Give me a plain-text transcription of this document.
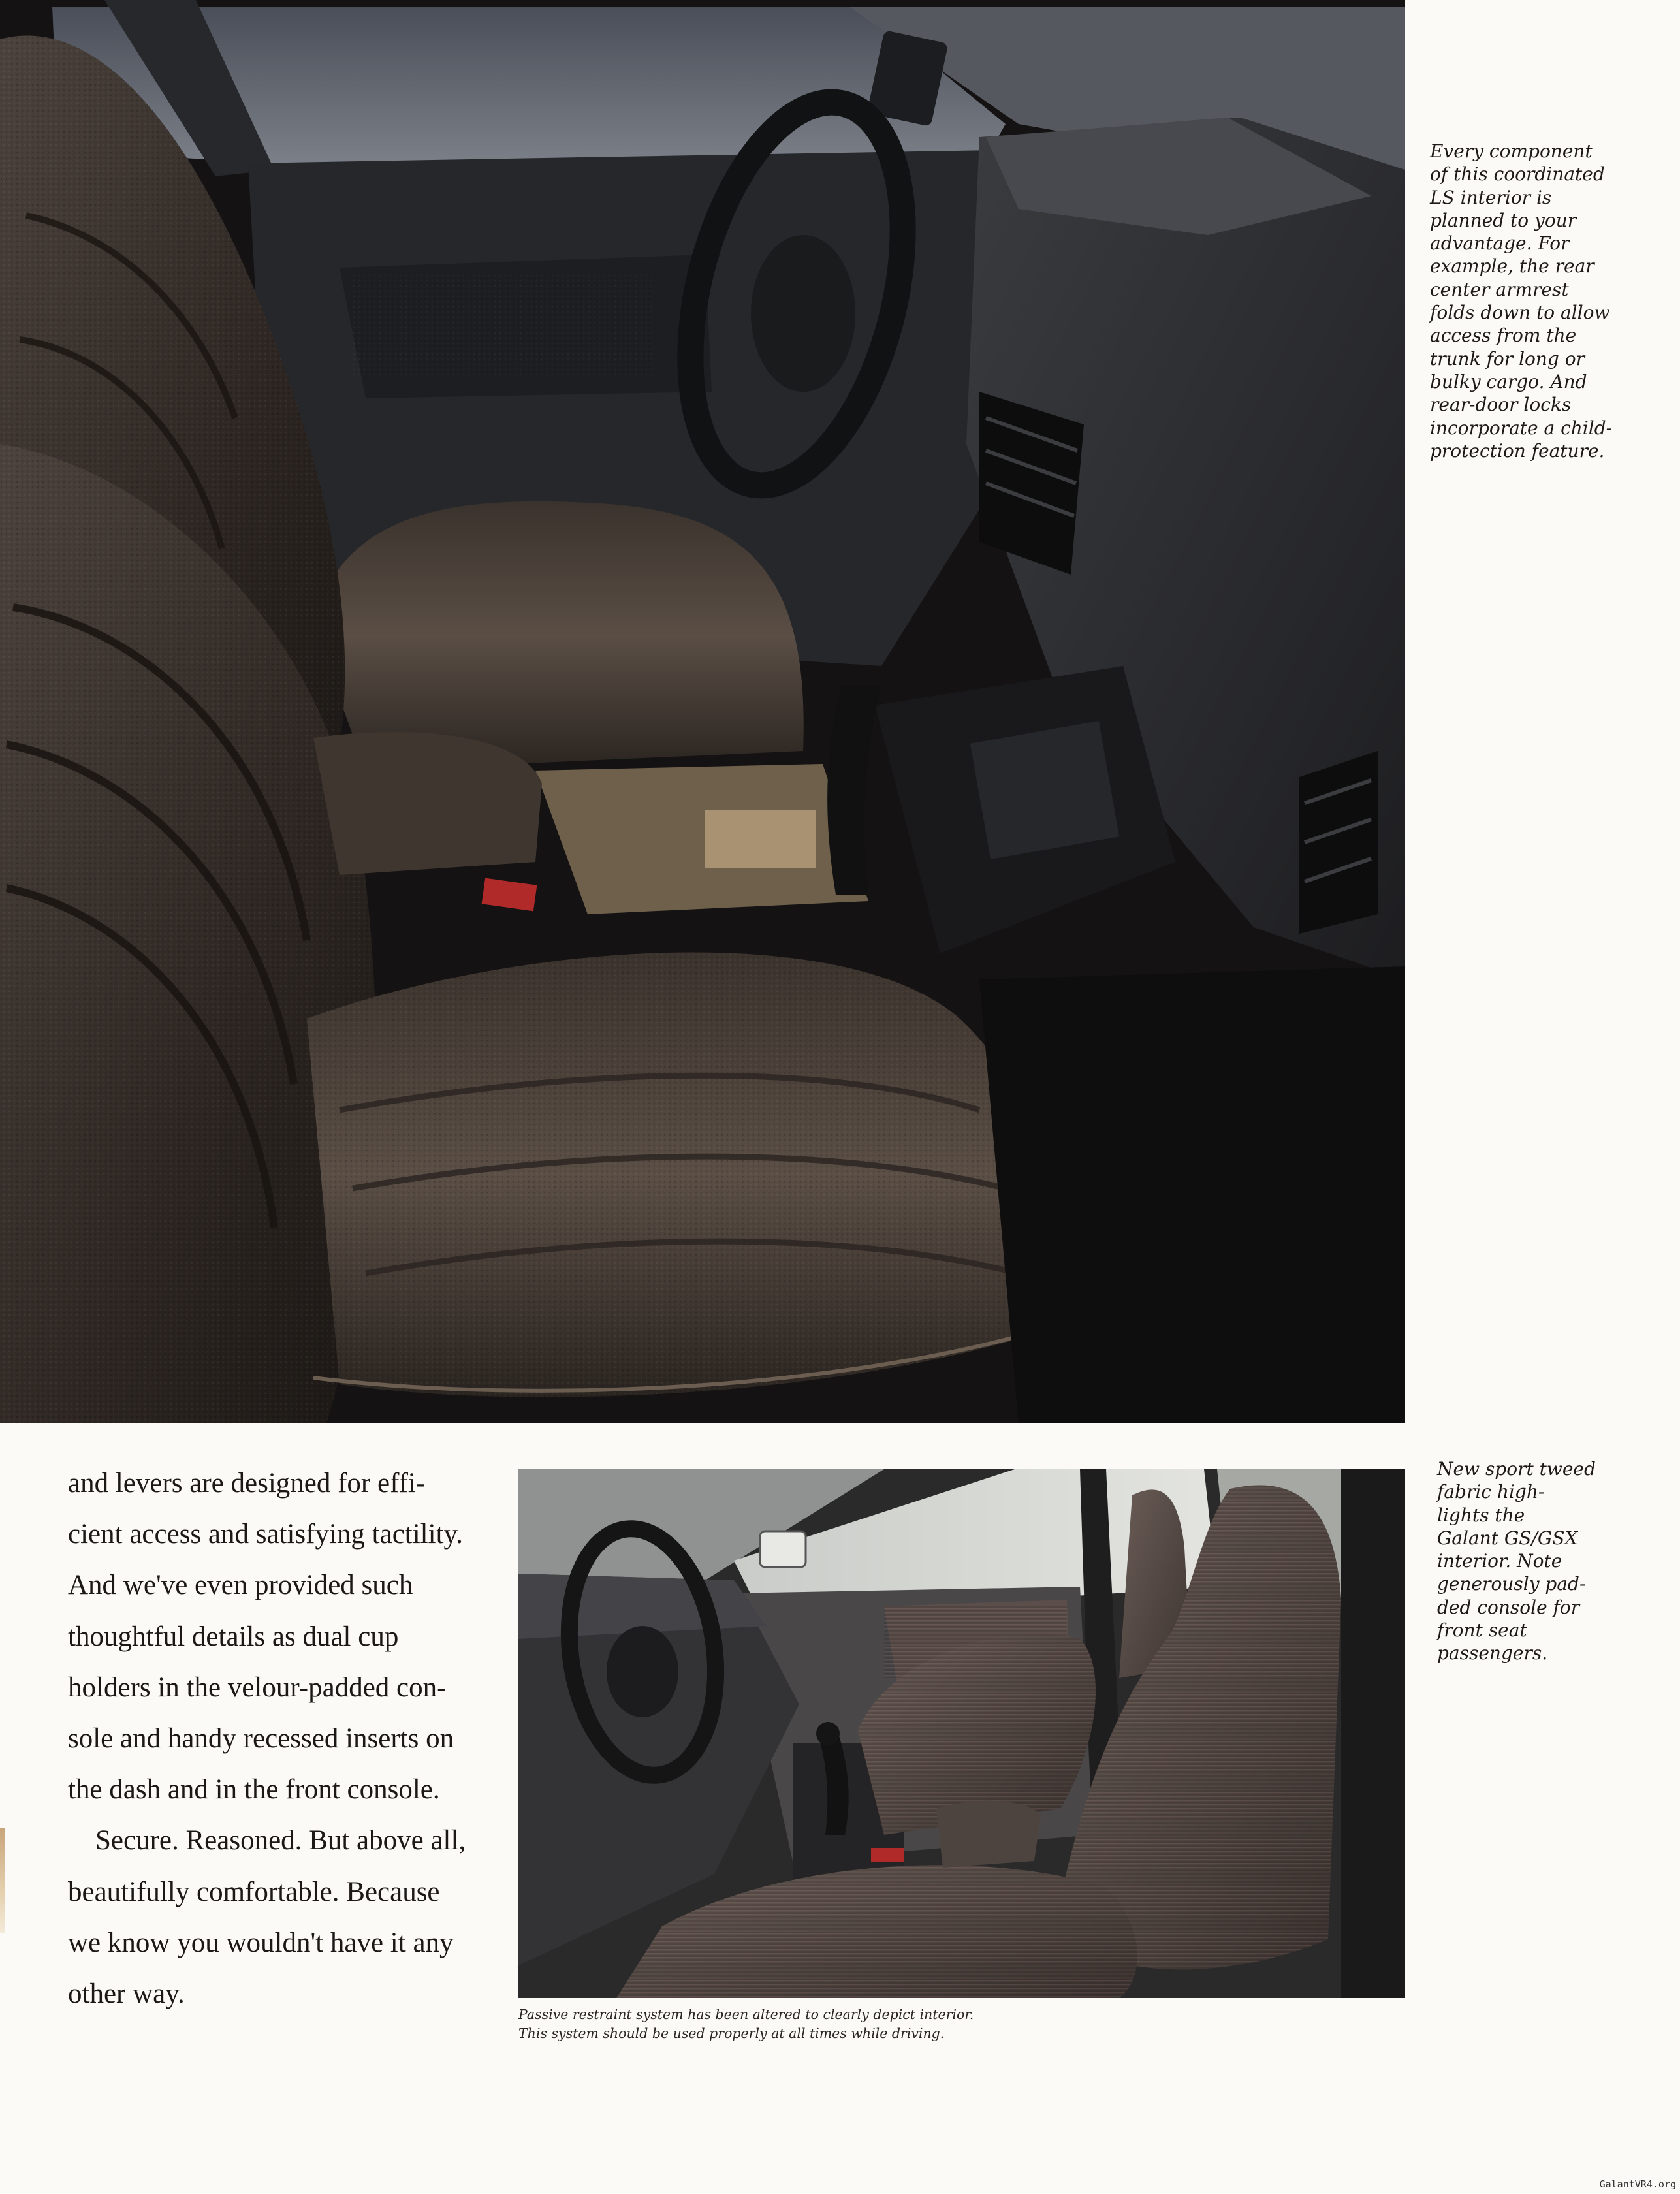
Every component
of this coordinated
LS interior is
planned to your
advantage. For
example, the rear
center armrest
folds down to allow
access from the
trunk for long or
bulky cargo. And
rear-door locks
incorporate a child-
protection feature.

and levers are designed for effi-
cient access and satisfying tactility.
And we've even provided such
thoughtful details as dual cup
holders in the velour-padded con-
sole and handy recessed inserts on
the dash and in the front console.
Secure. Reasoned. But above all,
beautifully comfortable. Because
we know you wouldn't have it any
other way.

New sport tweed
fabric high-
lights the
Galant GS/GSX
interior. Note
generously pad-
ded console for
front seat
passengers.

Passive restraint system has been altered to clearly depict interior.
This system should be used properly at all times while driving.

GalantVR4.org
